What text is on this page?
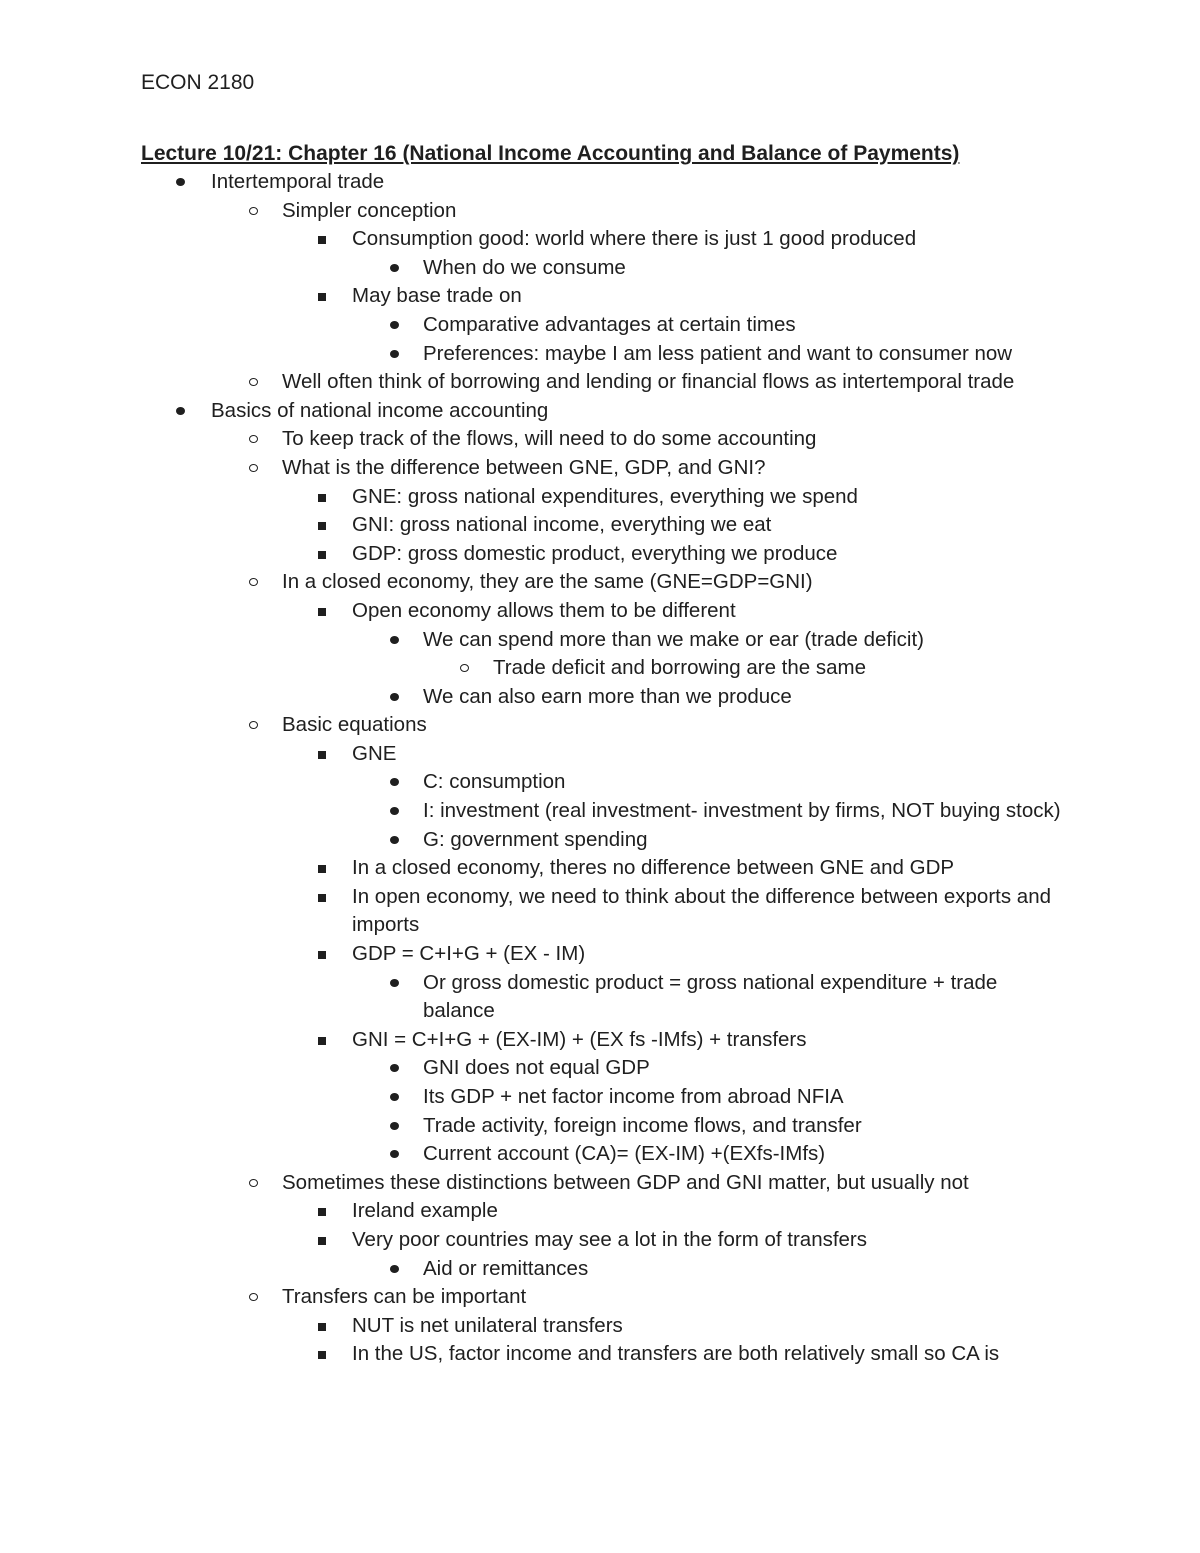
ECON 2180
Lecture 10/21: Chapter 16 (National Income Accounting and Balance of Payments)
Intertemporal trade
Simpler conception
Consumption good: world where there is just 1 good produced
When do we consume
May base trade on
Comparative advantages at certain times
Preferences: maybe I am less patient and want to consumer now
Well often think of borrowing and lending or financial flows as intertemporal trade
Basics of national income accounting
To keep track of the flows, will need to do some accounting
What is the difference between GNE, GDP, and GNI?
GNE: gross national expenditures, everything we spend
GNI: gross national income, everything we eat
GDP: gross domestic product, everything we produce
In a closed economy, they are the same (GNE=GDP=GNI)
Open economy allows them to be different
We can spend more than we make or ear (trade deficit)
Trade deficit and borrowing are the same
We can also earn more than we produce
Basic equations
GNE
C: consumption
I: investment (real investment- investment by firms, NOT buying stock)
G: government spending
In a closed economy, theres no difference between GNE and GDP
In open economy, we need to think about the difference between exports and imports
GDP = C+I+G + (EX - IM)
Or gross domestic product = gross national expenditure + trade balance
GNI = C+I+G + (EX-IM) + (EX fs -IMfs) + transfers
GNI does not equal GDP
Its GDP + net factor income from abroad NFIA
Trade activity, foreign income flows, and transfer
Current account (CA)= (EX-IM) +(EXfs-IMfs)
Sometimes these distinctions between GDP and GNI matter, but usually not
Ireland example
Very poor countries may see a lot in the form of transfers
Aid or remittances
Transfers can be important
NUT is net unilateral transfers
In the US, factor income and transfers are both relatively small so CA is
